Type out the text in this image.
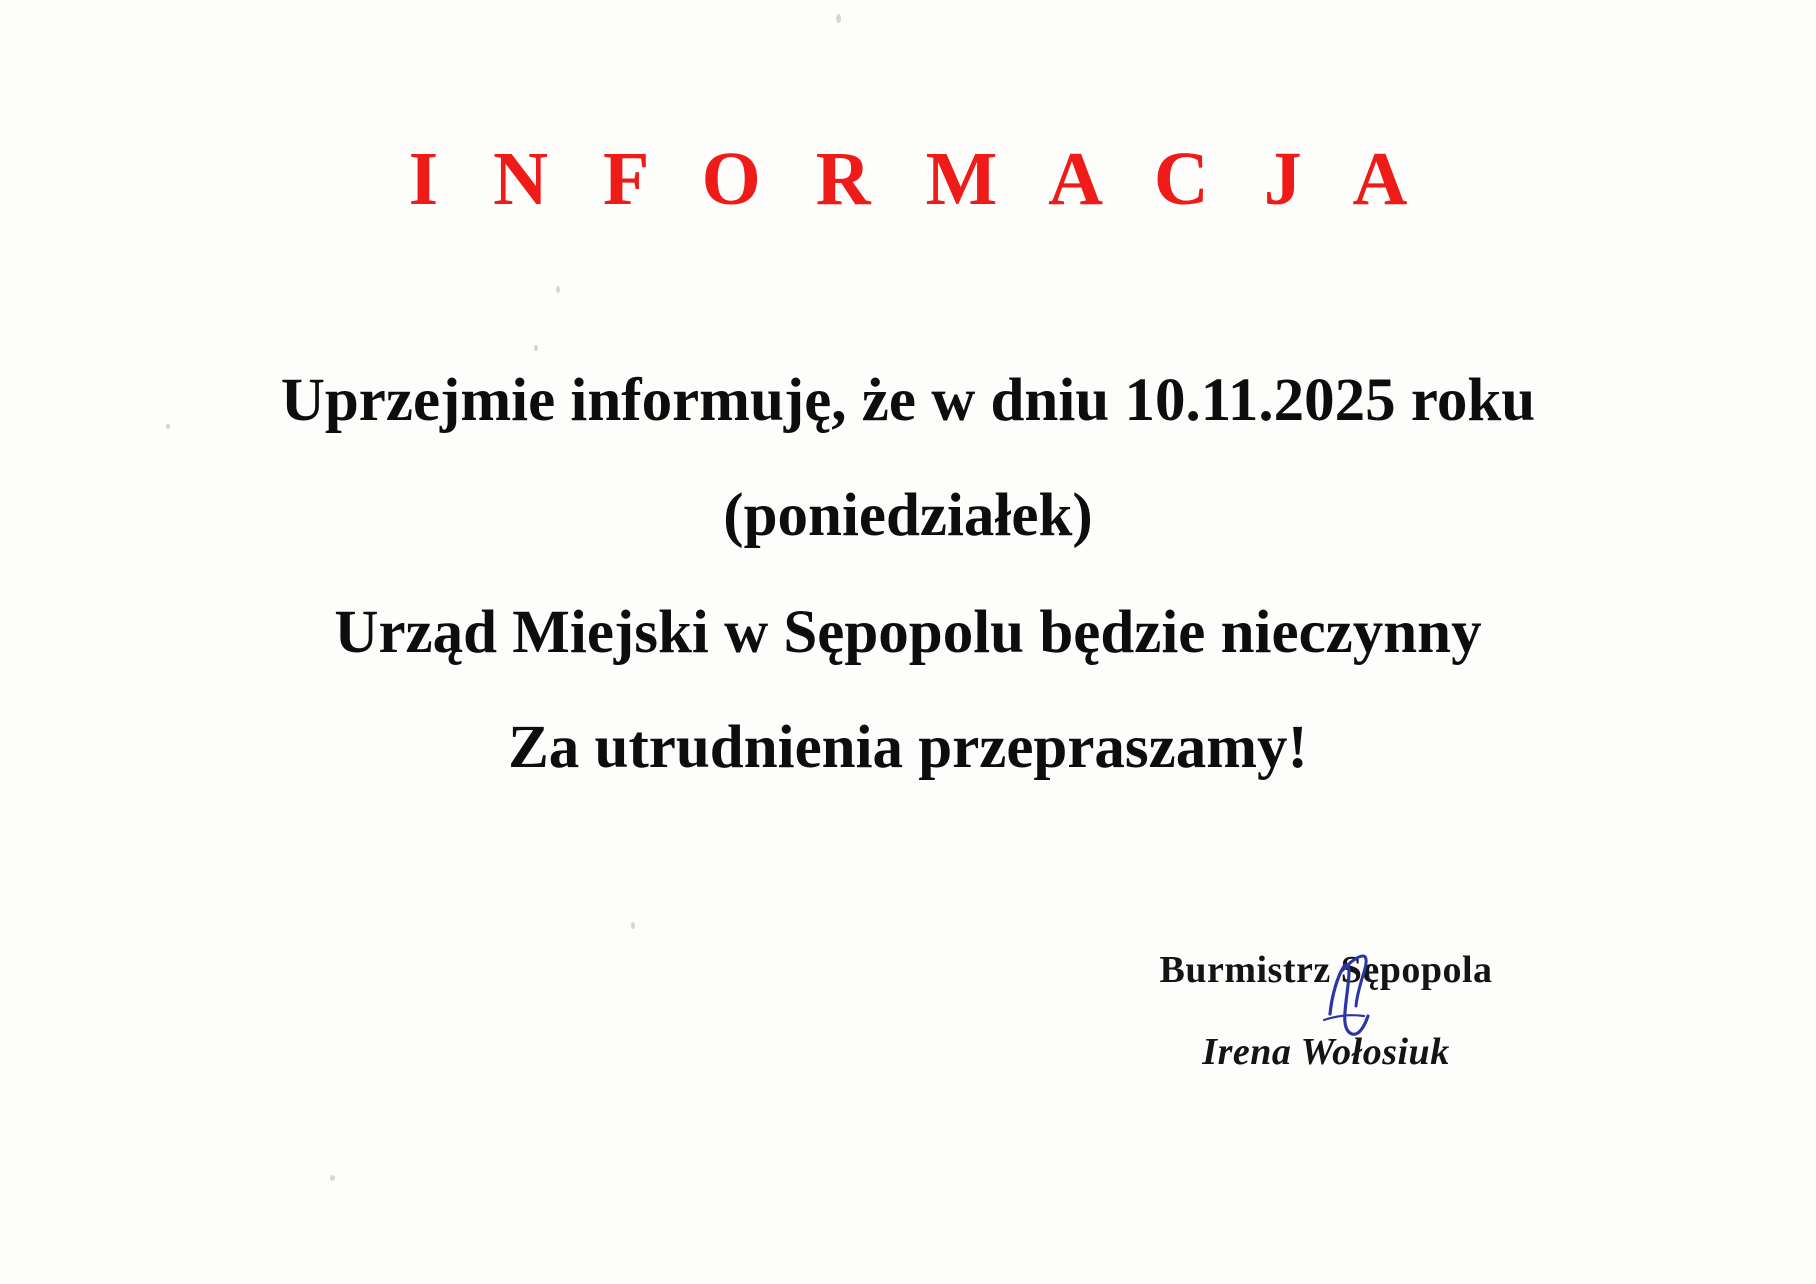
I N F O R M A C J A

Uprzejmie informuję, że w dniu 10.11.2025 roku

(poniedziałek)

Urząd Miejski w Sępopolu będzie nieczynny

Za utrudnienia przepraszamy!

Burmistrz Sępopola
Irena Wołosiuk
